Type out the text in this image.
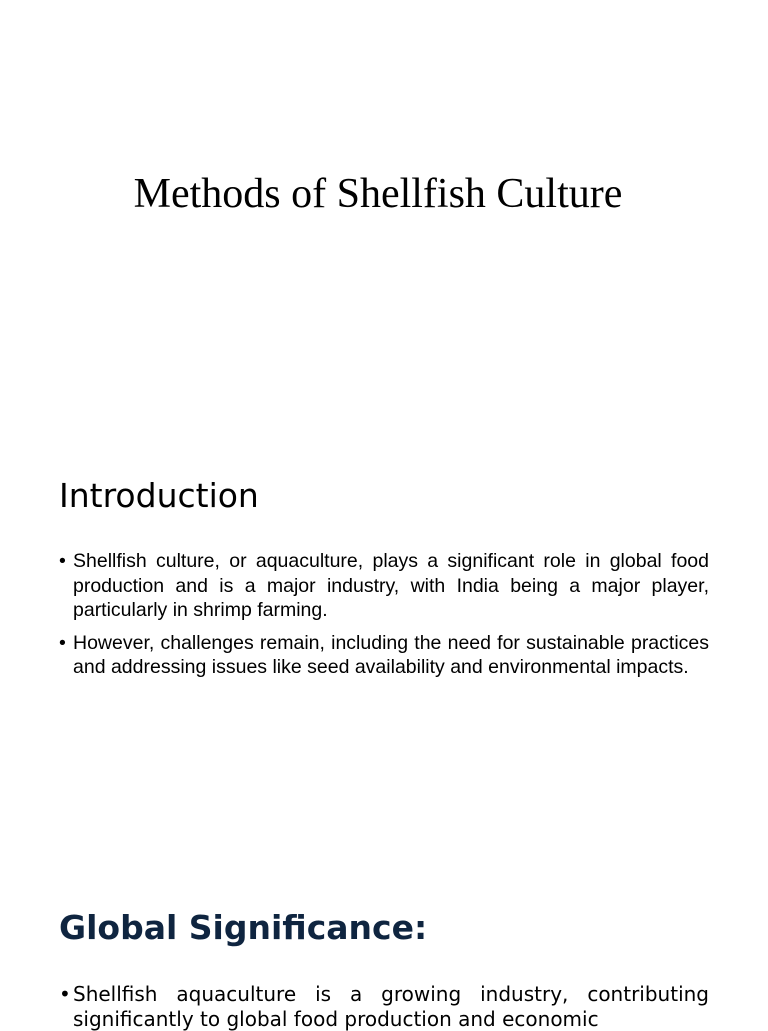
Methods of Shellfish Culture
Introduction
• Shellfish culture, or aquaculture, plays a significant role in global food production and is a major industry, with India being a major player, particularly in shrimp farming.
• However, challenges remain, including the need for sustainable practices and addressing issues like seed availability and environmental impacts.
Global Significance:
• Shellfish aquaculture is a growing industry, contributing significantly to global food production and economic
